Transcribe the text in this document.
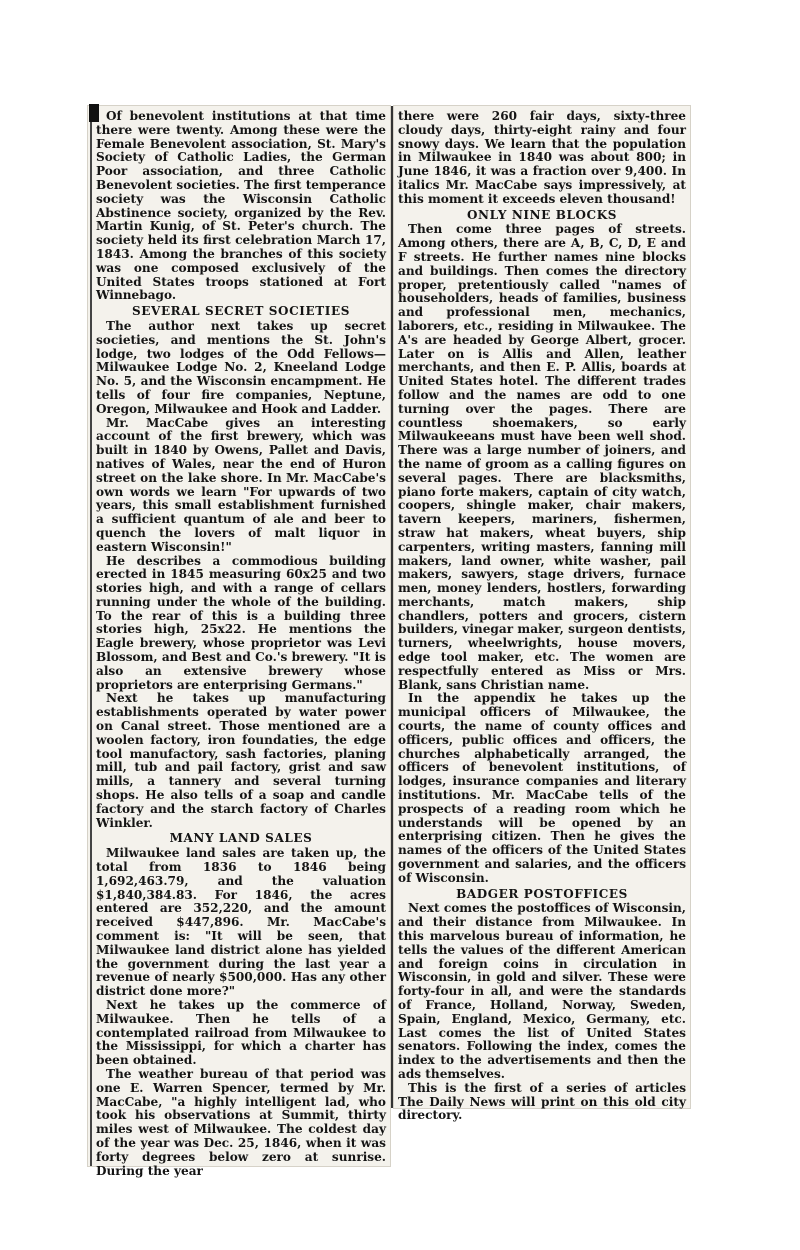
Of benevolent institutions at that time there were twenty. Among these were the Female Benevolent association, St. Mary's Society of Catholic Ladies, the German Poor association, and three Catholic Benevolent societies. The first temperance society was the Wisconsin Catholic Abstinence society, organized by the Rev. Martin Kunig, of St. Peter's church. The society held its first celebration March 17, 1843. Among the branches of this society was one composed exclusively of the United States troops stationed at Fort Winnebago.

SEVERAL SECRET SOCIETIES

The author next takes up secret societies, and mentions the St. John's lodge, two lodges of the Odd Fellows—Milwaukee Lodge No. 2, Kneeland Lodge No. 5, and the Wisconsin encampment. He tells of four fire companies, Neptune, Oregon, Milwaukee and Hook and Ladder.

Mr. MacCabe gives an interesting account of the first brewery, which was built in 1840 by Owens, Pallet and Davis, natives of Wales, near the end of Huron street on the lake shore. In Mr. MacCabe's own words we learn "For upwards of two years, this small establishment furnished a sufficient quantum of ale and beer to quench the lovers of malt liquor in eastern Wisconsin!"

He describes a commodious building erected in 1845 measuring 60x25 and two stories high, and with a range of cellars running under the whole of the building. To the rear of this is a building three stories high, 25x22. He mentions the Eagle brewery, whose proprietor was Levi Blossom, and Best and Co.'s brewery. "It is also an extensive brewery whose proprietors are enterprising Germans."

Next he takes up manufacturing establishments operated by water power on Canal street. Those mentioned are a woolen factory, iron foundaties, the edge tool manufactory, sash factories, planing mill, tub and pail factory, grist and saw mills, a tannery and several turning shops. He also tells of a soap and candle factory and the starch factory of Charles Winkler.

MANY LAND SALES

Milwaukee land sales are taken up, the total from 1836 to 1846 being 1,692,463.79, and the valuation $1,840,384.83. For 1846, the acres entered are 352,220, and the amount received $447,896. Mr. MacCabe's comment is: "It will be seen, that Milwaukee land district alone has yielded the government during the last year a revenue of nearly $500,000. Has any other district done more?"

Next he takes up the commerce of Milwaukee. Then he tells of a contemplated railroad from Milwaukee to the Mississippi, for which a charter has been obtained.

The weather bureau of that period was one E. Warren Spencer, termed by Mr. MacCabe, "a highly intelligent lad, who took his observations at Summit, thirty miles west of Milwaukee. The coldest day of the year was Dec. 25, 1846, when it was forty degrees below zero at sunrise. During the year

there were 260 fair days, sixty-three cloudy days, thirty-eight rainy and four snowy days. We learn that the population in Milwaukee in 1840 was about 800; in June 1846, it was a fraction over 9,400. In italics Mr. MacCabe says impressively, at this moment it exceeds eleven thousand!

ONLY NINE BLOCKS

Then come three pages of streets. Among others, there are A, B, C, D, E and F streets. He further names nine blocks and buildings. Then comes the directory proper, pretentiously called "names of householders, heads of families, business and professional men, mechanics, laborers, etc., residing in Milwaukee. The A's are headed by George Albert, grocer. Later on is Allis and Allen, leather merchants, and then E. P. Allis, boards at United States hotel. The different trades follow and the names are odd to one turning over the pages. There are countless shoemakers, so early Milwaukeeans must have been well shod. There was a large number of joiners, and the name of groom as a calling figures on several pages. There are blacksmiths, piano forte makers, captain of city watch, coopers, shingle maker, chair makers, tavern keepers, mariners, fishermen, straw hat makers, wheat buyers, ship carpenters, writing masters, fanning mill makers, land owner, white washer, pail makers, sawyers, stage drivers, furnace men, money lenders, hostlers, forwarding merchants, match makers, ship chandlers, potters and grocers, cistern builders, vinegar maker, surgeon dentists, turners, wheelwrights, house movers, edge tool maker, etc. The women are respectfully entered as Miss or Mrs. Blank, sans Christian name.

In the appendix he takes up the municipal officers of Milwaukee, the courts, the name of county offices and officers, public offices and officers, the churches alphabetically arranged, the officers of benevolent institutions, of lodges, insurance companies and literary institutions. Mr. MacCabe tells of the prospects of a reading room which he understands will be opened by an enterprising citizen. Then he gives the names of the officers of the United States government and salaries, and the officers of Wisconsin.

BADGER POSTOFFICES

Next comes the postoffices of Wisconsin, and their distance from Milwaukee. In this marvelous bureau of information, he tells the values of the different American and foreign coins in circulation in Wisconsin, in gold and silver. These were forty-four in all, and were the standards of France, Holland, Norway, Sweden, Spain, England, Mexico, Germany, etc. Last comes the list of United States senators. Following the index, comes the index to the advertisements and then the ads themselves.

This is the first of a series of articles The Daily News will print on this old city directory.
